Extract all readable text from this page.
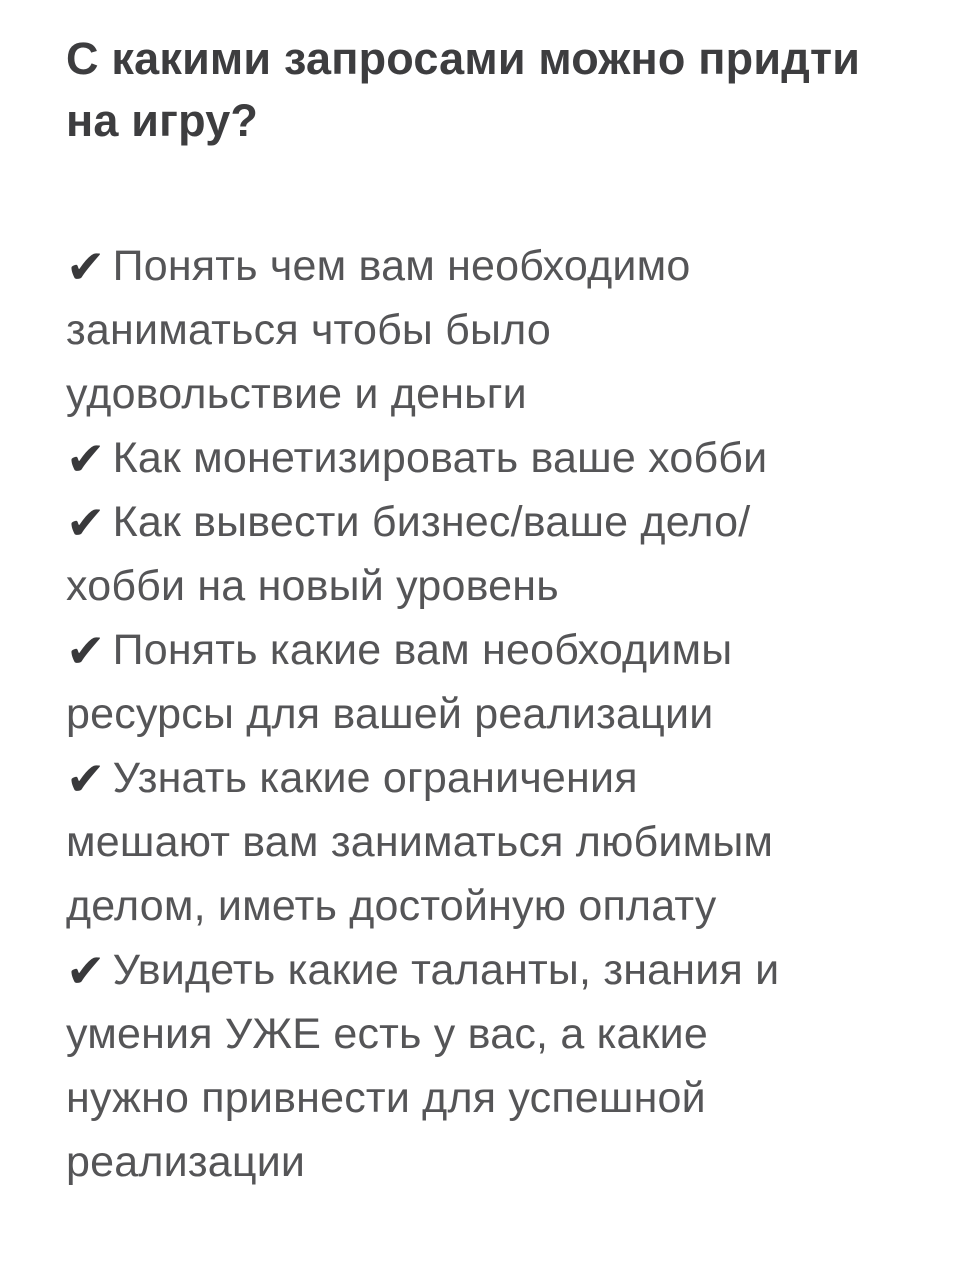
С какими запросами можно придти
на игру?
✔ Понять чем вам необходимо
заниматься чтобы было
удовольствие и деньги
✔ Как монетизировать ваше хобби
✔ Как вывести бизнес/ваше дело/
хобби на новый уровень
✔ Понять какие вам необходимы
ресурсы для вашей реализации
✔ Узнать какие ограничения
мешают вам заниматься любимым
делом, иметь достойную оплату
✔ Увидеть какие таланты, знания и
умения УЖЕ есть у вас, а какие
нужно привнести для успешной
реализации
